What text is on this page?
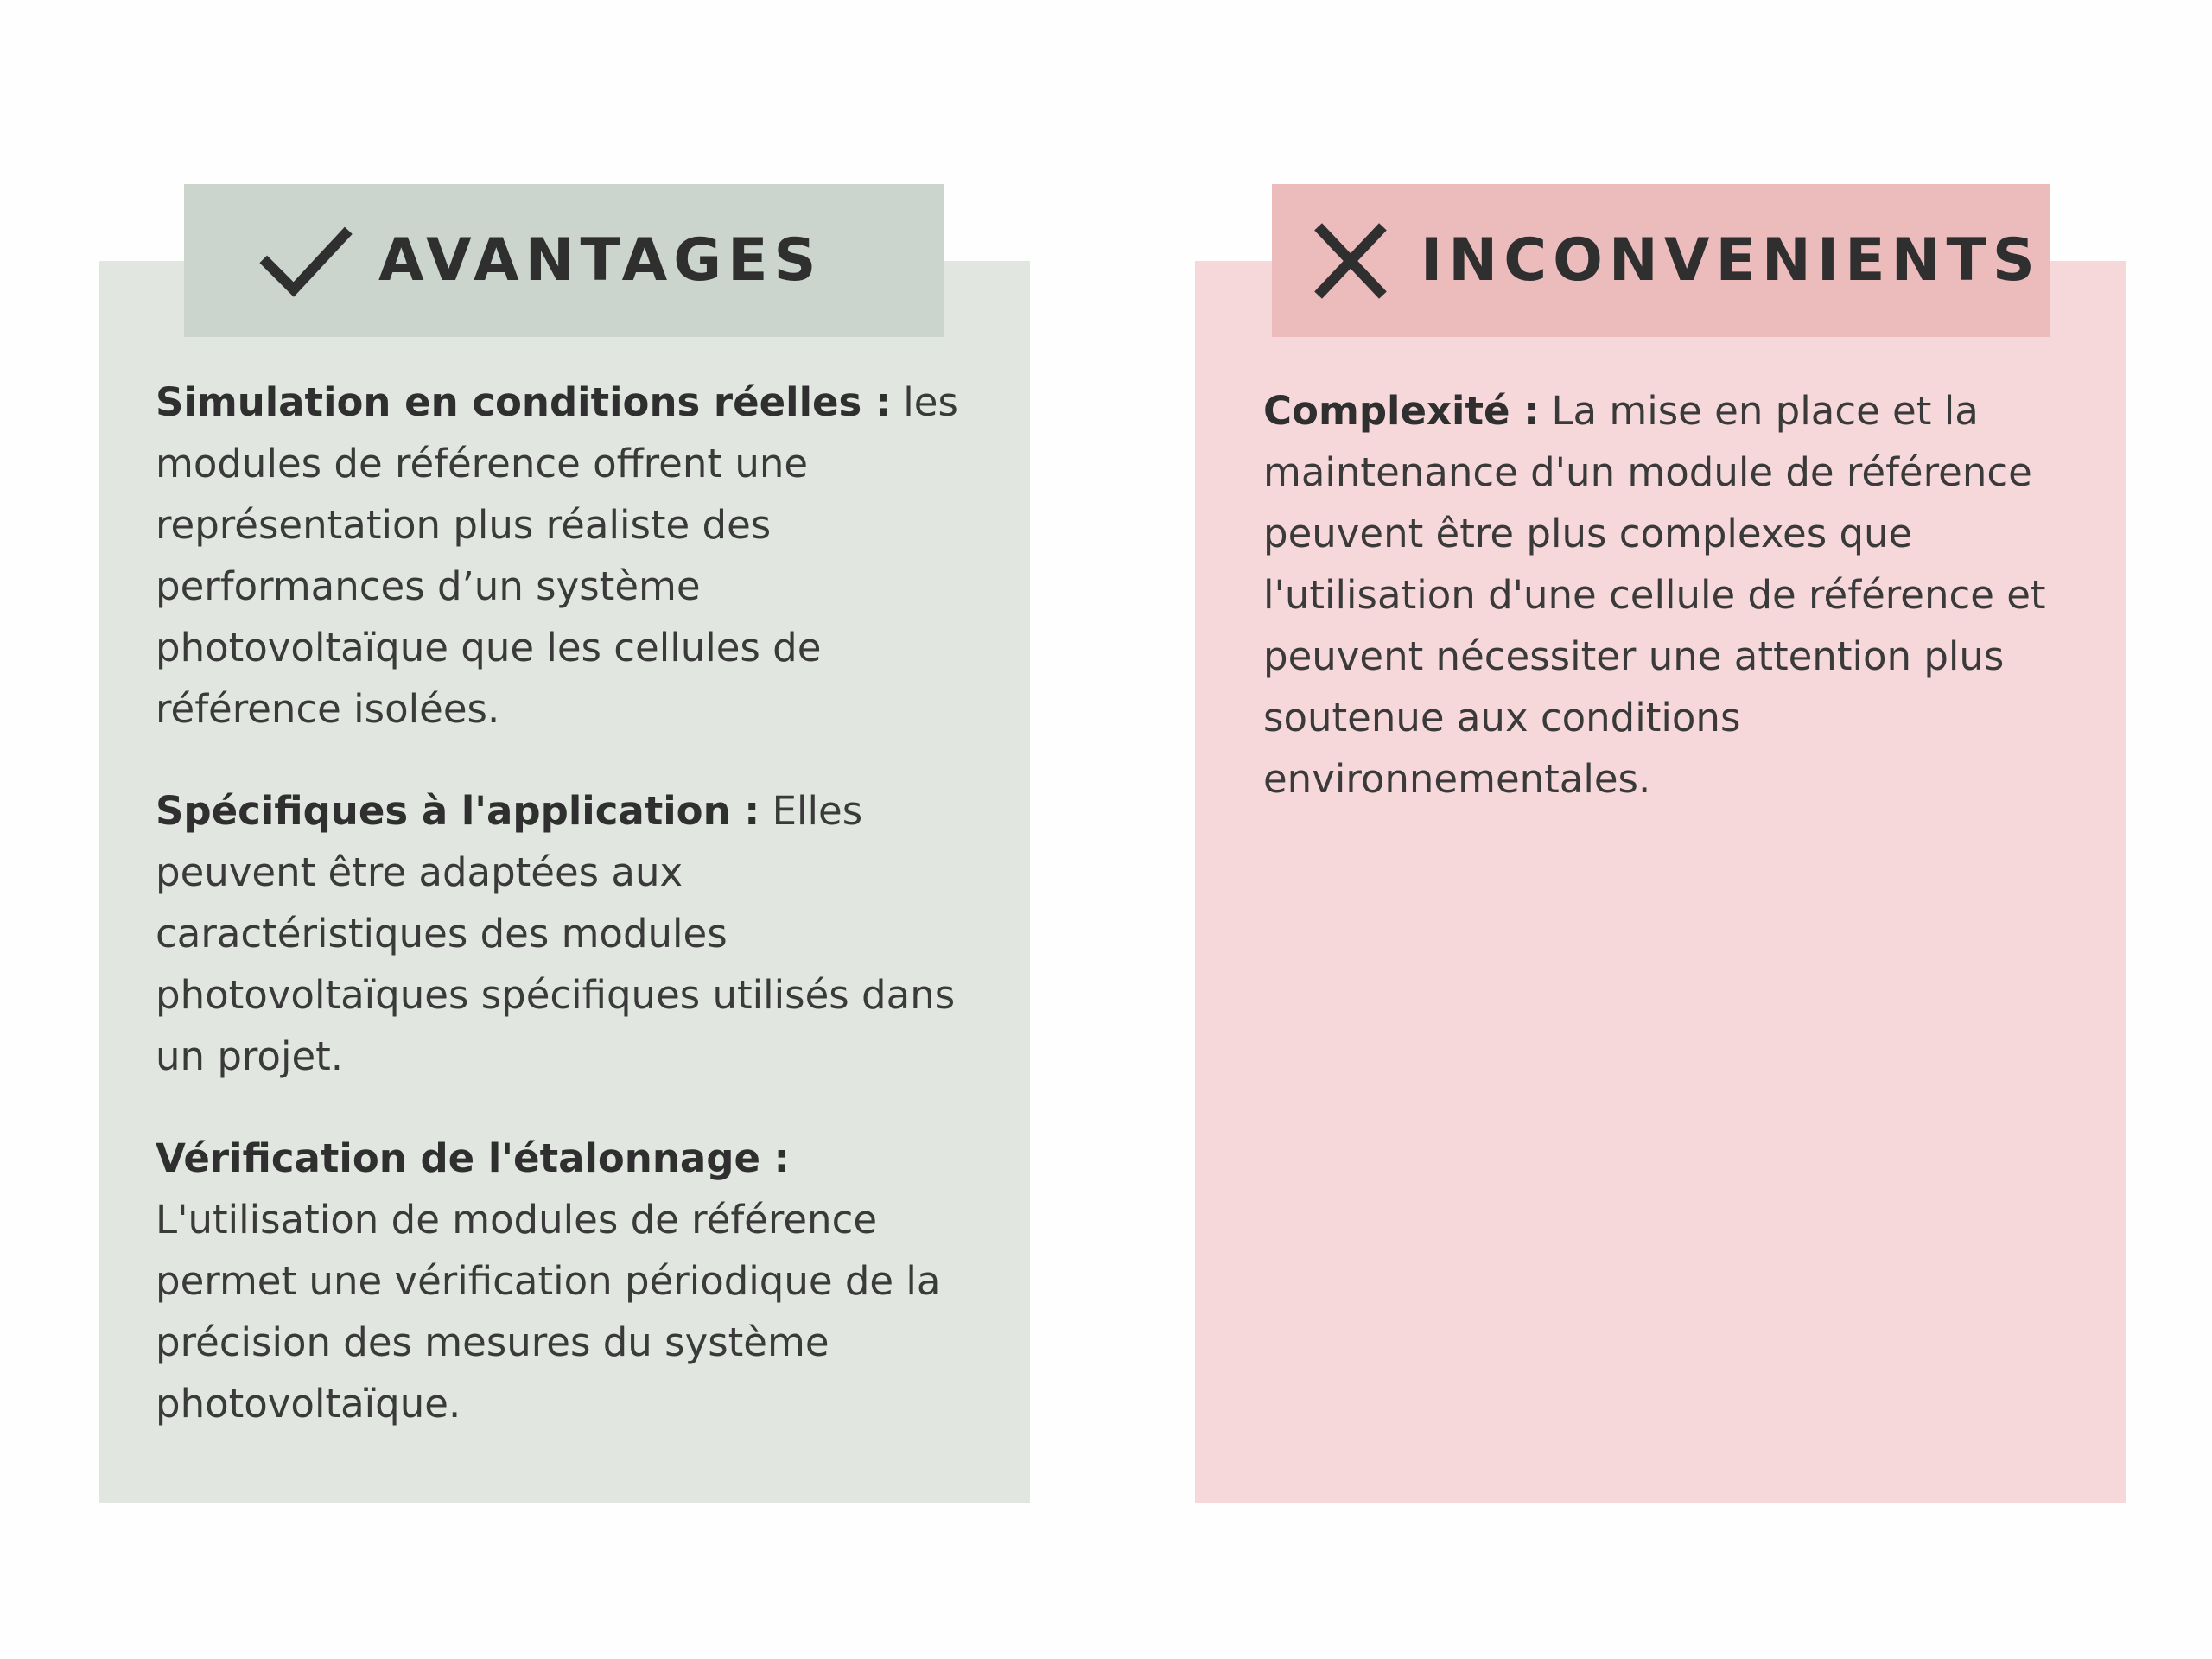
AVANTAGES	INCONVENIENTS

Simulation en conditions réelles : les modules de référence offrent une représentation plus réaliste des performances d’un système photovoltaïque que les cellules de référence isolées.

Spécifiques à l'application : Elles peuvent être adaptées aux caractéristiques des modules photovoltaïques spécifiques utilisés dans un projet.

Vérification de l'étalonnage : L'utilisation de modules de référence permet une vérification périodique de la précision des mesures du système photovoltaïque.

Complexité : La mise en place et la maintenance d'un module de référence peuvent être plus complexes que l'utilisation d'une cellule de référence et peuvent nécessiter une attention plus soutenue aux conditions environnementales.
